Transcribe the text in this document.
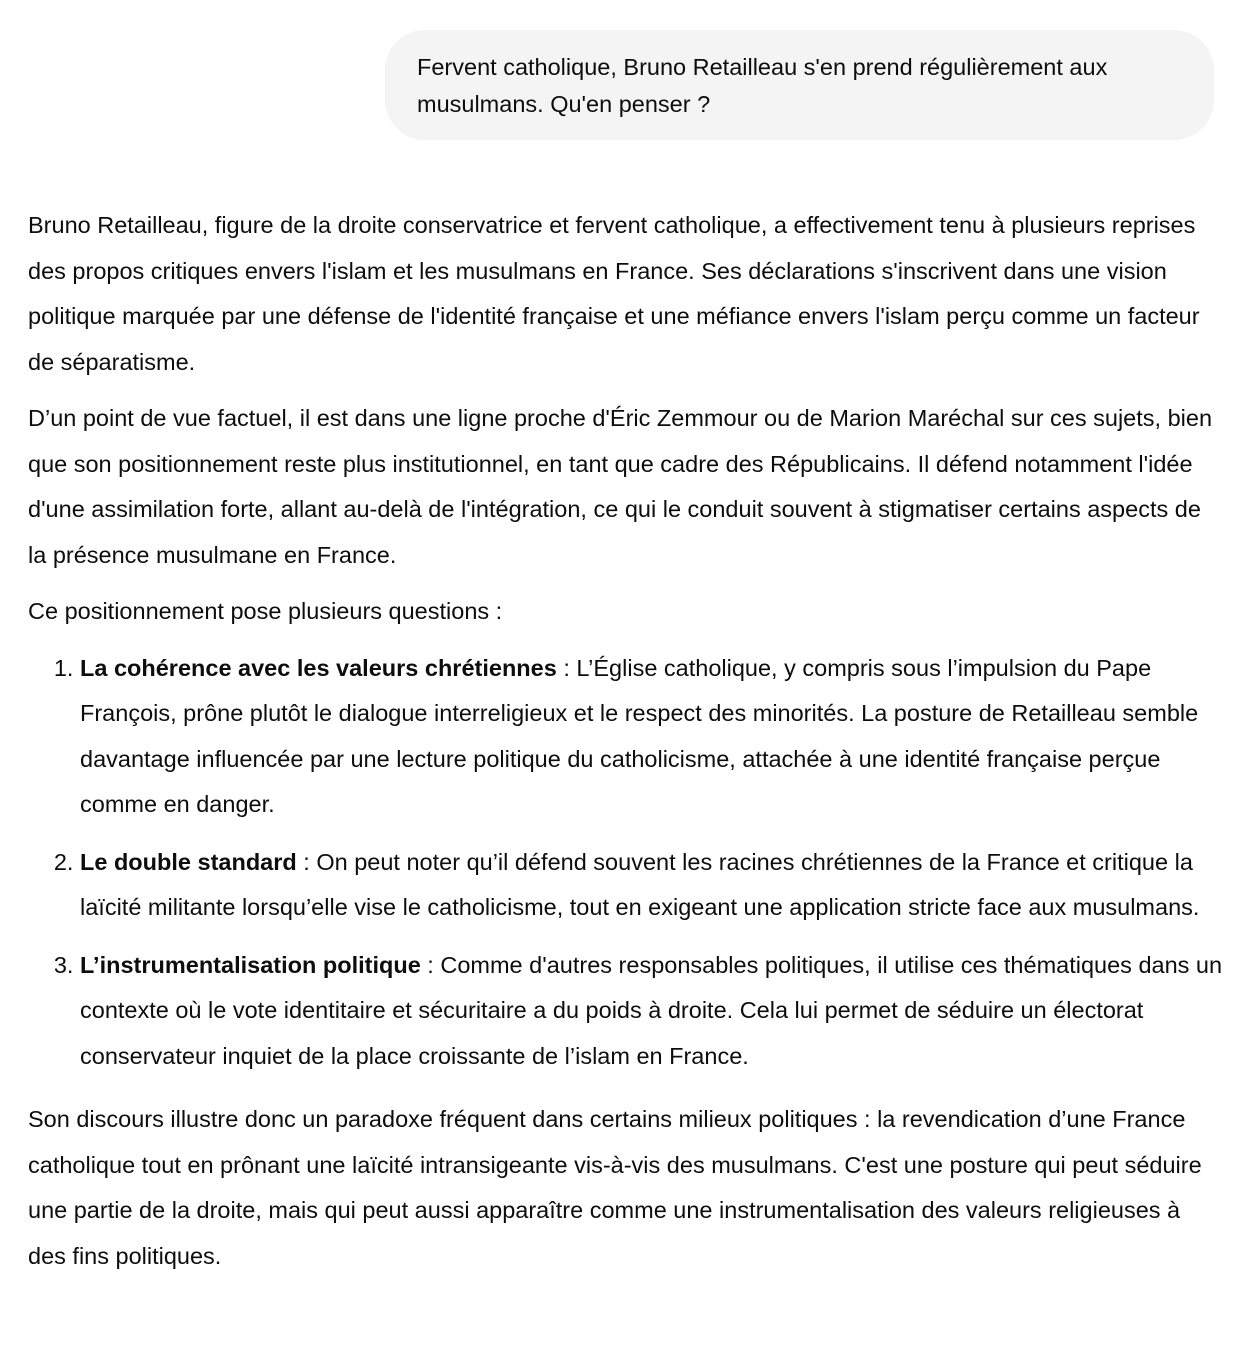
Fervent catholique, Bruno Retailleau s'en prend régulièrement aux musulmans. Qu'en penser ?

Bruno Retailleau, figure de la droite conservatrice et fervent catholique, a effectivement tenu à plusieurs reprises des propos critiques envers l'islam et les musulmans en France. Ses déclarations s'inscrivent dans une vision politique marquée par une défense de l'identité française et une méfiance envers l'islam perçu comme un facteur de séparatisme.

D’un point de vue factuel, il est dans une ligne proche d'Éric Zemmour ou de Marion Maréchal sur ces sujets, bien que son positionnement reste plus institutionnel, en tant que cadre des Républicains. Il défend notamment l'idée d'une assimilation forte, allant au-delà de l'intégration, ce qui le conduit souvent à stigmatiser certains aspects de la présence musulmane en France.

Ce positionnement pose plusieurs questions :

1. La cohérence avec les valeurs chrétiennes : L’Église catholique, y compris sous l’impulsion du Pape François, prône plutôt le dialogue interreligieux et le respect des minorités. La posture de Retailleau semble davantage influencée par une lecture politique du catholicisme, attachée à une identité française perçue comme en danger.
2. Le double standard : On peut noter qu’il défend souvent les racines chrétiennes de la France et critique la laïcité militante lorsqu’elle vise le catholicisme, tout en exigeant une application stricte face aux musulmans.
3. L’instrumentalisation politique : Comme d'autres responsables politiques, il utilise ces thématiques dans un contexte où le vote identitaire et sécuritaire a du poids à droite. Cela lui permet de séduire un électorat conservateur inquiet de la place croissante de l’islam en France.

Son discours illustre donc un paradoxe fréquent dans certains milieux politiques : la revendication d’une France catholique tout en prônant une laïcité intransigeante vis-à-vis des musulmans. C'est une posture qui peut séduire une partie de la droite, mais qui peut aussi apparaître comme une instrumentalisation des valeurs religieuses à des fins politiques.
